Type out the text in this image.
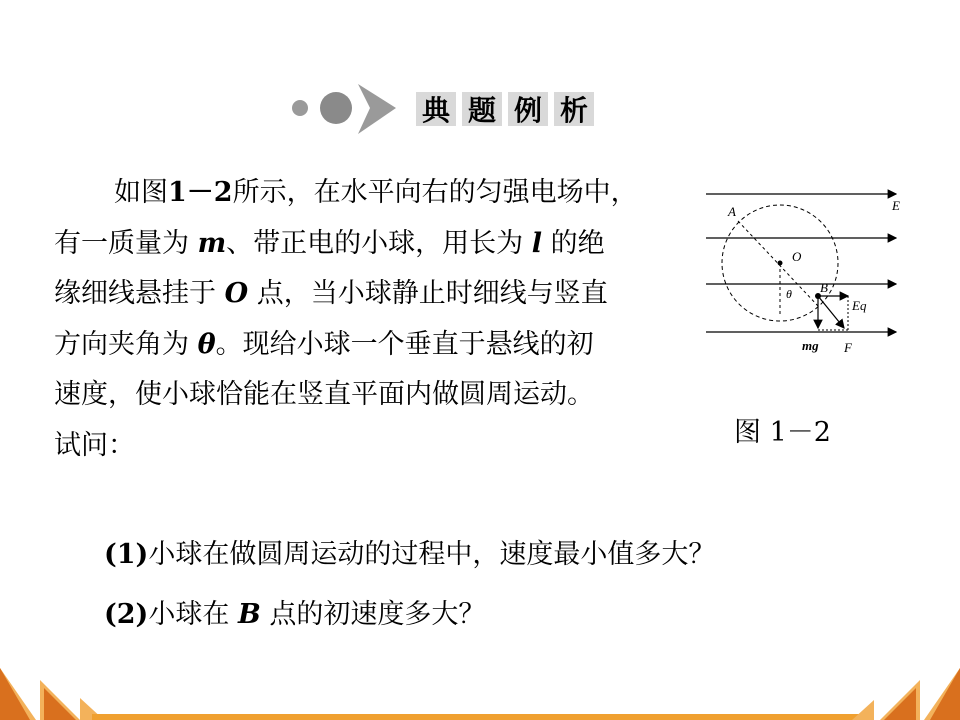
典 题 例 析
如图1－2所示，在水平向右的匀强电场中，
有一质量为 m、带正电的小球，用长为 l 的绝
缘细线悬挂于 O 点，当小球静止时细线与竖直
方向夹角为 θ。现给小球一个垂直于悬线的初
速度，使小球恰能在竖直平面内做圆周运动。
试问：
A
O
θ B
E
Eq
mg F
图 1－2
(1)小球在做圆周运动的过程中，速度最小值多大？
(2)小球在 B 点的初速度多大？
